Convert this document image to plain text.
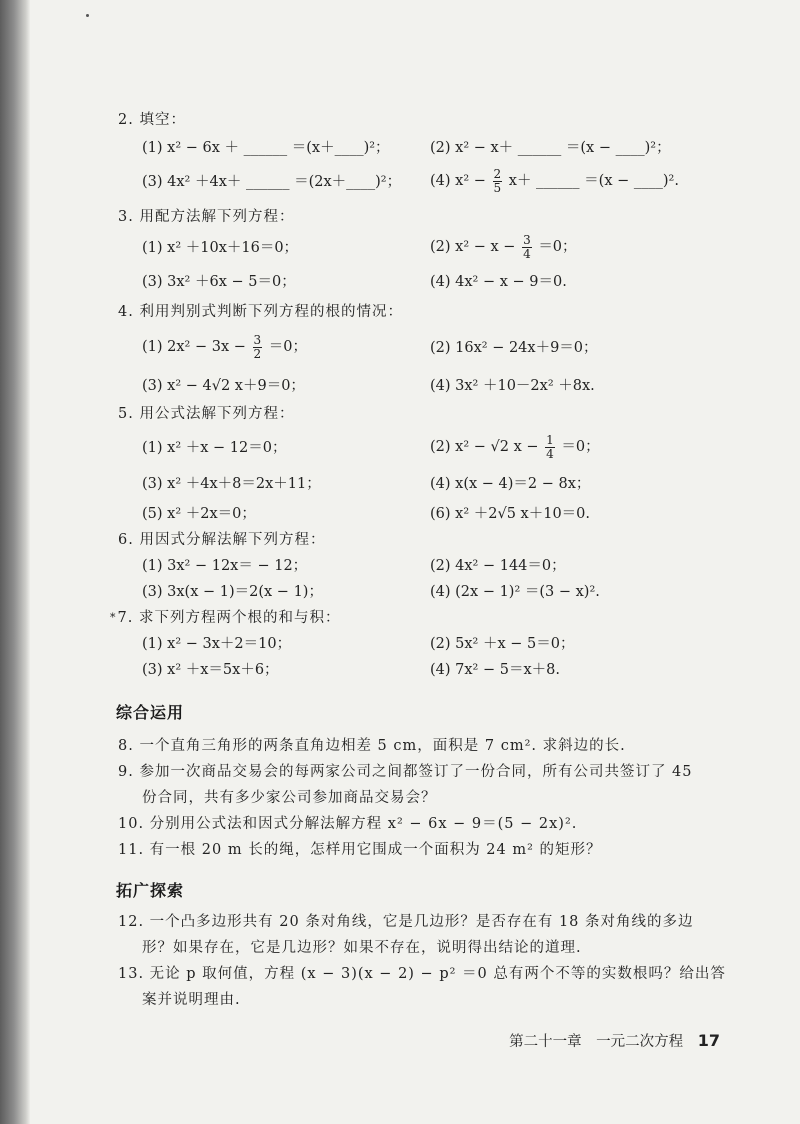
2. 填空：
(1) x² − 6x ＋ ______ ＝(x＋____)²；	(2) x² − x＋ ______ ＝(x − ____)²；
(3) 4x² ＋4x＋ ______ ＝(2x＋____)²； (4) $x^2 - \frac{2}{5} x+$ ______ ＝(x − ____)².
3. 用配方法解下列方程：
(1) x² ＋10x＋16＝0；	(2) $x^2 - x - \frac{3}{4} =0$；
(3) 3x² ＋6x − 5＝0；	(4) 4x² − x − 9＝0.
4. 利用判别式判断下列方程的根的情况：
(1) $2x^2 - 3x - \frac{3}{2} =0$；	(2) 16x² − 24x＋9＝0；
(3) x² − 4√2 x＋9＝0；	(4) 3x² ＋10－2x² ＋8x.
5. 用公式法解下列方程：
(1) x² ＋x − 12＝0；	(2) x² − √2 $x - \frac{1}{4} =0$；
(3) x² ＋4x＋8＝2x＋11；	(4) x(x − 4)＝2 − 8x；
(5) x² ＋2x＝0；	(6) x² ＋2√5 x＋10＝0.
6. 用因式分解法解下列方程：
(1) 3x² − 12x＝ − 12；	(2) 4x² − 144＝0；
(3) 3x(x − 1)＝2(x − 1)；	(4) (2x − 1)² ＝(3 − x)².
*7. 求下列方程两个根的和与积：
(1) x² − 3x＋2＝10；	(2) 5x² ＋x − 5＝0；
(3) x² ＋x＝5x＋6；	(4) 7x² − 5＝x＋8.
综合运用
8. 一个直角三角形的两条直角边相差 5 cm，面积是 7 cm². 求斜边的长.
9. 参加一次商品交易会的每两家公司之间都签订了一份合同，所有公司共签订了 45
份合同，共有多少家公司参加商品交易会？
10. 分别用公式法和因式分解法解方程 x² − 6x − 9＝(5 − 2x)².
11. 有一根 20 m 长的绳，怎样用它围成一个面积为 24 m² 的矩形？
拓广探索
12. 一个凸多边形共有 20 条对角线，它是几边形？是否存在有 18 条对角线的多边
形？如果存在，它是几边形？如果不存在，说明得出结论的道理.
13. 无论 p 取何值，方程 (x − 3)(x − 2) − p² ＝0 总有两个不等的实数根吗？给出答
案并说明理由.
第二十一章　一元二次方程 17
